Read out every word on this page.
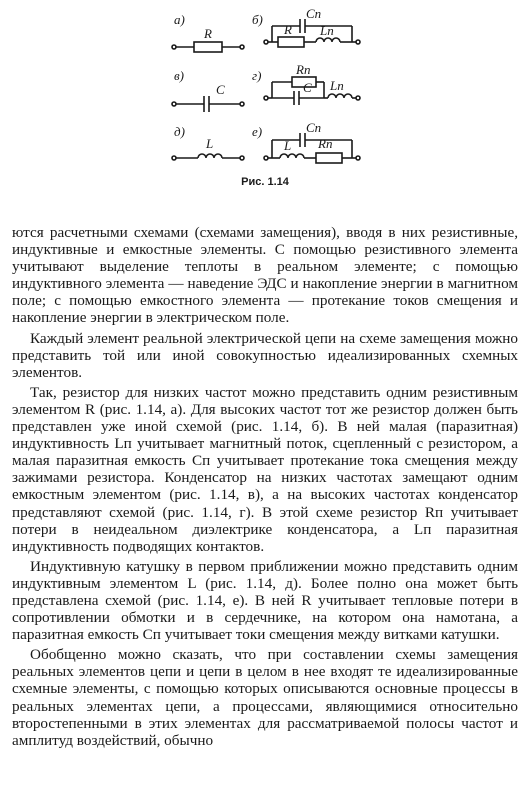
а)	б)
в)	г)
д)	е)
R
Сп
R Lп
C
Rп
C Lп
L
Сп
L Rп
Рис. 1.14

ются расчетными схемами (схемами замещения), вводя в них резистивные, индуктивные и емкостные элементы. С помощью резистивного элемента учитывают выделение теплоты в реальном элементе; с помощью индуктивного элемента — наведение ЭДС и накопление энергии в магнитном поле; с помощью емкостного элемента — протекание токов смещения и накопление энергии в электрическом поле.

Каждый элемент реальной электрической цепи на схеме замещения можно представить той или иной совокупностью идеализированных схемных элементов.

Так, резистор для низких частот можно представить одним резистивным элементом R (рис. 1.14, а). Для высоких частот тот же резистор должен быть представлен уже иной схемой (рис. 1.14, б). В ней малая (паразитная) индуктивность Lп учитывает магнитный поток, сцепленный с резистором, а малая паразитная емкость Сп учитывает протекание тока смещения между зажимами резистора. Конденсатор на низких частотах замещают одним емкостным элементом (рис. 1.14, в), а на высоких частотах конденсатор представляют схемой (рис. 1.14, г). В этой схеме резистор Rп учитывает потери в неидеальном диэлектрике конденсатора, а Lп паразитная индуктивность подводящих контактов.

Индуктивную катушку в первом приближении можно представить одним индуктивным элементом L (рис. 1.14, д). Более полно она может быть представлена схемой (рис. 1.14, е). В ней R учитывает тепловые потери в сопротивлении обмотки и в сердечнике, на котором она намотана, а паразитная емкость Сп учитывает токи смещения между витками катушки.

Обобщенно можно сказать, что при составлении схемы замещения реальных элементов цепи и цепи в целом в нее входят те идеализированные схемные элементы, с помощью которых описываются основные процессы в реальных элементах цепи, а процессами, являющимися относительно второстепенными в этих элементах для рассматриваемой полосы частот и амплитуд воздействий, обычно
